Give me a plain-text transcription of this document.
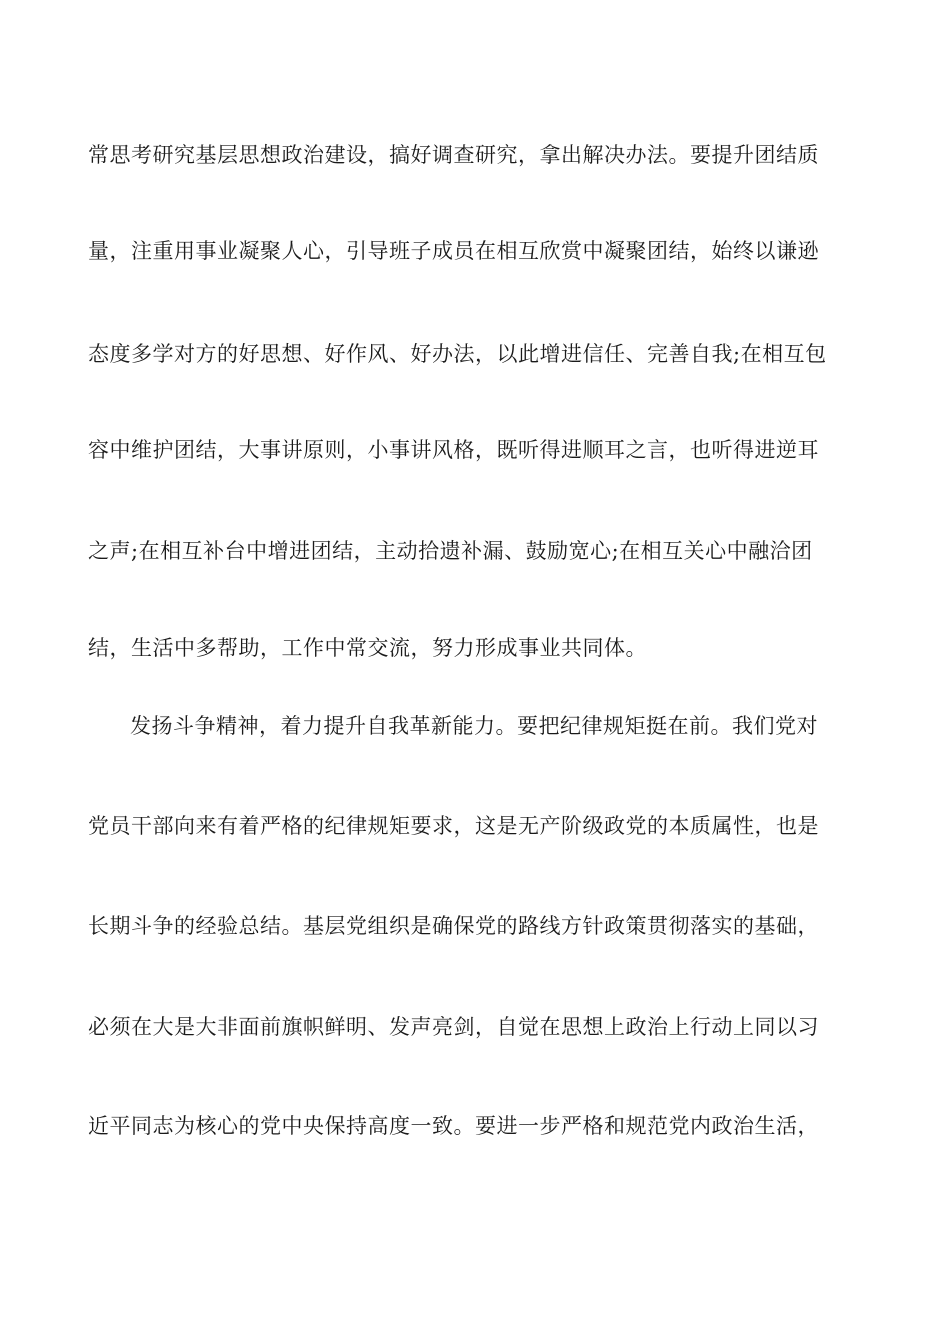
常思考研究基层思想政治建设，搞好调查研究，拿出解决办法。要提升团结质
量，注重用事业凝聚人心，引导班子成员在相互欣赏中凝聚团结，始终以谦逊
态度多学对方的好思想、好作风、好办法，以此增进信任、完善自我;在相互包
容中维护团结，大事讲原则，小事讲风格，既听得进顺耳之言，也听得进逆耳
之声;在相互补台中增进团结，主动拾遗补漏、鼓励宽心;在相互关心中融洽团
结，生活中多帮助，工作中常交流，努力形成事业共同体。
发扬斗争精神，着力提升自我革新能力。要把纪律规矩挺在前。我们党对
党员干部向来有着严格的纪律规矩要求，这是无产阶级政党的本质属性，也是
长期斗争的经验总结。基层党组织是确保党的路线方针政策贯彻落实的基础，
必须在大是大非面前旗帜鲜明、发声亮剑，自觉在思想上政治上行动上同以习
近平同志为核心的党中央保持高度一致。要进一步严格和规范党内政治生活，
